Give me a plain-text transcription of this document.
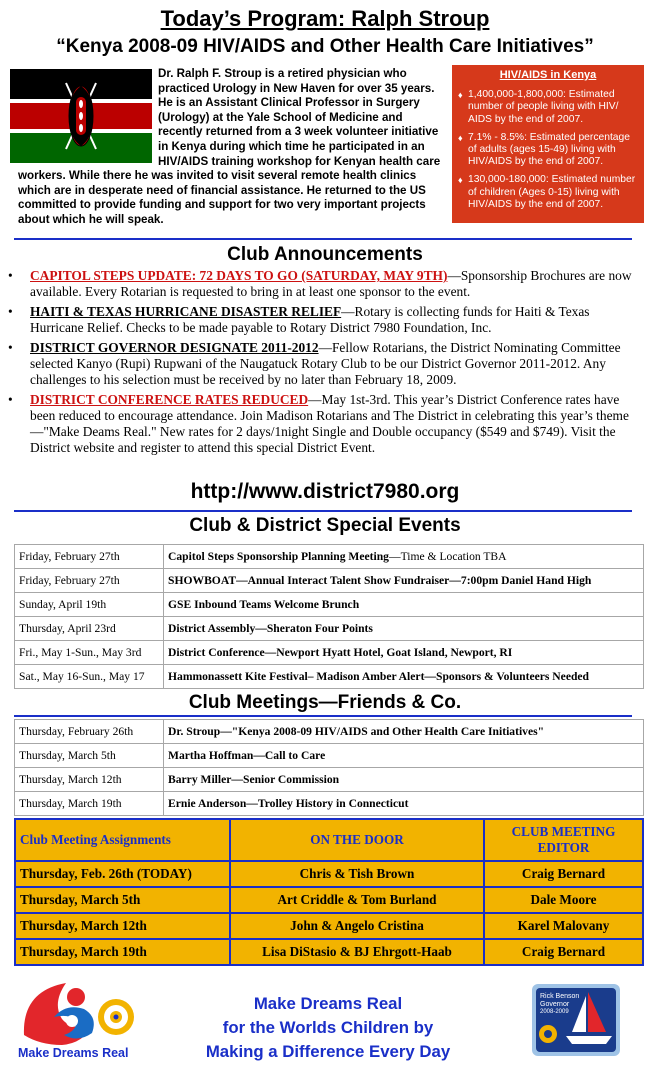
Today’s Program: Ralph Stroup
“Kenya 2008-09 HIV/AIDS and Other Health Care Initiatives”
Dr. Ralph F. Stroup is a retired physician who practiced Urology in New Haven for over 35 years. He is an Assistant Clinical Professor in Surgery (Urology) at the Yale School of Medicine and recently returned from a 3 week volunteer initiative in Kenya during which time he participated in an HIV/AIDS training workshop for Kenyan health care workers. While there he was invited to visit several remote health clinics which are in desperate need of financial assistance. He returned to the US committed to provide funding and support for two very important projects about which he will speak.
HIV/AIDS in Kenya
♦ 1,400,000-1,800,000: Estimated number of people living with HIV/ AIDS by the end of 2007.
♦ 7.1% - 8.5%: Estimated percentage of adults (ages 15-49) living with HIV/AIDS by the end of 2007.
♦ 130,000-180,000: Estimated number of children (Ages 0-15) living with HIV/AIDS by the end of 2007.
Club Announcements
• CAPITOL STEPS UPDATE: 72 DAYS TO GO (SATURDAY, MAY 9TH)—Sponsorship Brochures are now available. Every Rotarian is requested to bring in at least one sponsor to the event.
• HAITI & TEXAS HURRICANE DISASTER RELIEF—Rotary is collecting funds for Haiti & Texas Hurricane Relief. Checks to be made payable to Rotary District 7980 Foundation, Inc.
• DISTRICT GOVERNOR DESIGNATE 2011-2012—Fellow Rotarians, the District Nominating Committee selected Kanyo (Rupi) Rupwani of the Naugatuck Rotary Club to be our District Governor 2011-2012. Any challenges to his selection must be received by no later than February 18, 2009.
• DISTRICT CONFERENCE RATES REDUCED—May 1st-3rd. This year’s District Conference rates have been reduced to encourage attendance. Join Madison Rotarians and The District in celebrating this year’s theme—"Make Deams Real." New rates for 2 days/1night Single and Double occupancy ($549 and $749). Visit the District website and register to attend this special District Event.
http://www.district7980.org
Club & District Special Events
Friday, February 27th	Capitol Steps Sponsorship Planning Meeting—Time & Location TBA
Friday, February 27th	SHOWBOAT—Annual Interact Talent Show Fundraiser—7:00pm Daniel Hand High
Sunday, April 19th	GSE Inbound Teams Welcome Brunch
Thursday, April 23rd	District Assembly—Sheraton Four Points
Fri., May 1-Sun., May 3rd	District Conference—Newport Hyatt Hotel, Goat Island, Newport, RI
Sat., May 16-Sun., May 17	Hammonassett Kite Festival– Madison Amber Alert—Sponsors & Volunteers Needed
Club Meetings—Friends & Co.
Thursday, February 26th	Dr. Stroup—"Kenya 2008-09 HIV/AIDS and Other Health Care Initiatives"
Thursday, March 5th	Martha Hoffman—Call to Care
Thursday, March 12th	Barry Miller—Senior Commission
Thursday, March 19th	Ernie Anderson—Trolley History in Connecticut
Club Meeting Assignments	ON THE DOOR	CLUB MEETING EDITOR
Thursday, Feb. 26th (TODAY)	Chris & Tish Brown	Craig Bernard
Thursday, March 5th	Art Criddle & Tom Burland	Dale Moore
Thursday, March 12th	John & Angelo Cristina	Karel Malovany
Thursday, March 19th	Lisa DiStasio & BJ Ehrgott-Haab	Craig Bernard
Make Dreams Real
Make Dreams Real
for the Worlds Children by
Making a Difference Every Day
Rick Benson
Governor
2008-2009
